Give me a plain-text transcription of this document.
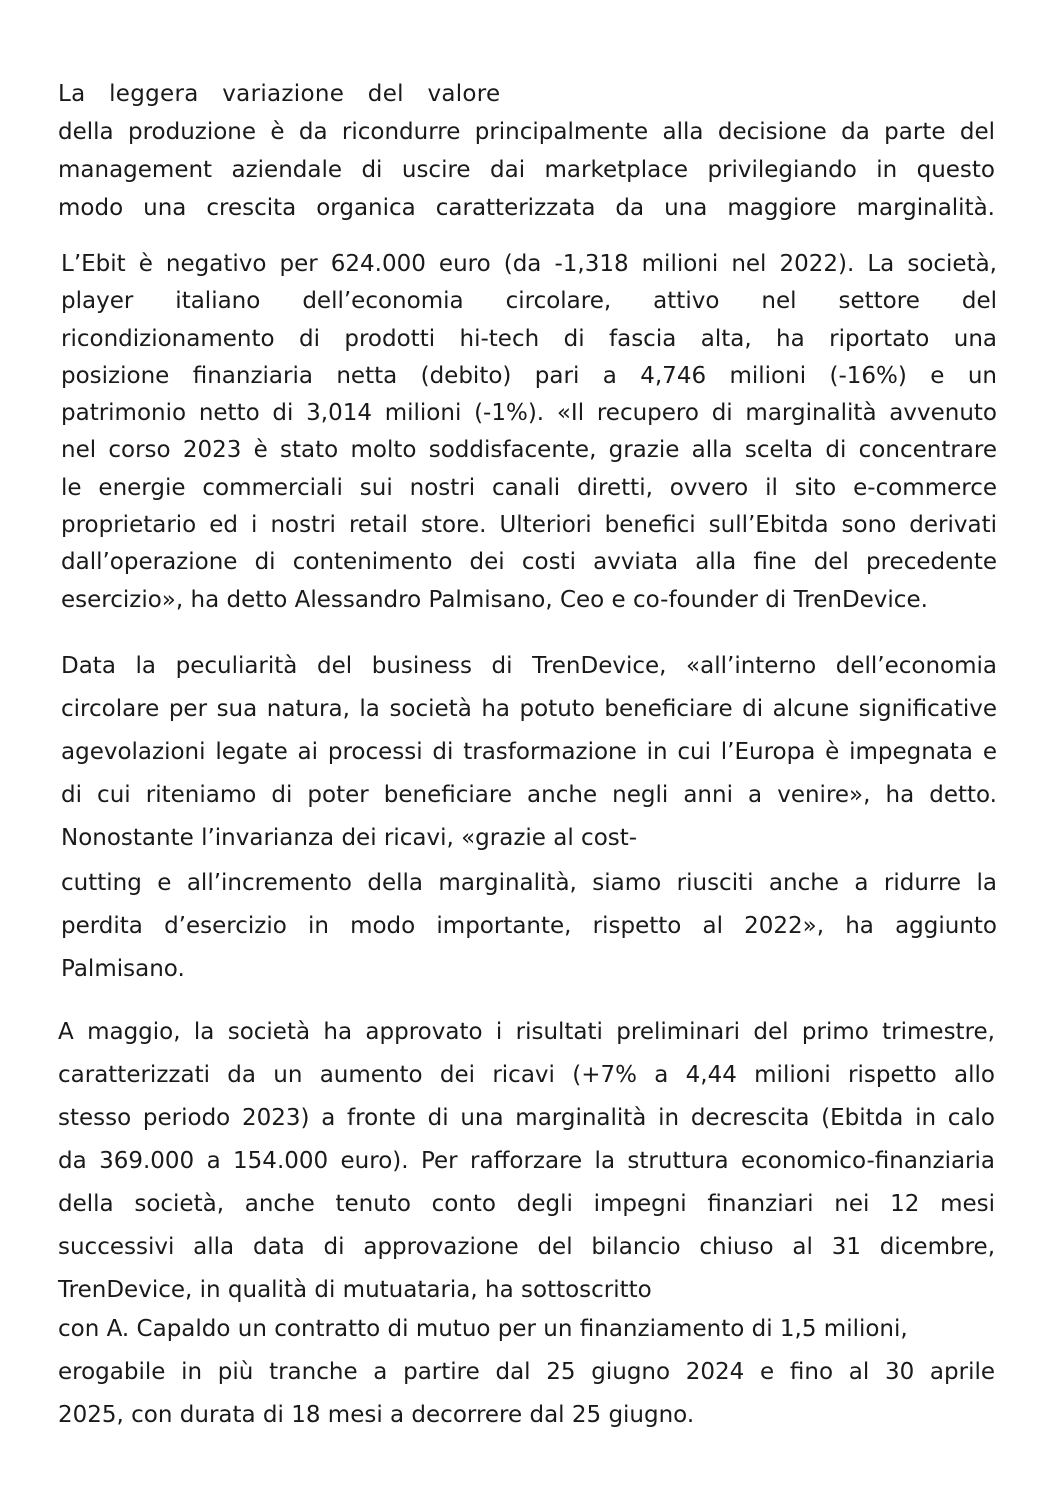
La leggera variazione del valore
della produzione è da ricondurre principalmente alla decisione da parte del
management aziendale di uscire dai marketplace privilegiando in questo
modo una crescita organica caratterizzata da una maggiore marginalità.

L’Ebit è negativo per 624.000 euro (da -1,318 milioni nel 2022). La società,
player italiano dell’economia circolare, attivo nel settore del
ricondizionamento di prodotti hi-tech di fascia alta, ha riportato una
posizione finanziaria netta (debito) pari a 4,746 milioni (-16%) e un
patrimonio netto di 3,014 milioni (-1%). «Il recupero di marginalità avvenuto
nel corso 2023 è stato molto soddisfacente, grazie alla scelta di concentrare
le energie commerciali sui nostri canali diretti, ovvero il sito e-commerce
proprietario ed i nostri retail store. Ulteriori benefici sull’Ebitda sono derivati
dall’operazione di contenimento dei costi avviata alla fine del precedente
esercizio», ha detto Alessandro Palmisano, Ceo e co-founder di TrenDevice.

Data la peculiarità del business di TrenDevice, «all’interno dell’economia
circolare per sua natura, la società ha potuto beneficiare di alcune significative
agevolazioni legate ai processi di trasformazione in cui l’Europa è impegnata e
di cui riteniamo di poter beneficiare anche negli anni a venire», ha detto.
Nonostante l’invarianza dei ricavi, «grazie al cost-
cutting e all’incremento della marginalità, siamo riusciti anche a ridurre la
perdita d’esercizio in modo importante, rispetto al 2022», ha aggiunto
Palmisano.

A maggio, la società ha approvato i risultati preliminari del primo trimestre,
caratterizzati da un aumento dei ricavi (+7% a 4,44 milioni rispetto allo
stesso periodo 2023) a fronte di una marginalità in decrescita (Ebitda in calo
da 369.000 a 154.000 euro). Per rafforzare la struttura economico-finanziaria
della società, anche tenuto conto degli impegni finanziari nei 12 mesi
successivi alla data di approvazione del bilancio chiuso al 31 dicembre,
TrenDevice, in qualità di mutuataria, ha sottoscritto
con A. Capaldo un contratto di mutuo per un finanziamento di 1,5 milioni,
erogabile in più tranche a partire dal 25 giugno 2024 e fino al 30 aprile
2025, con durata di 18 mesi a decorrere dal 25 giugno.
